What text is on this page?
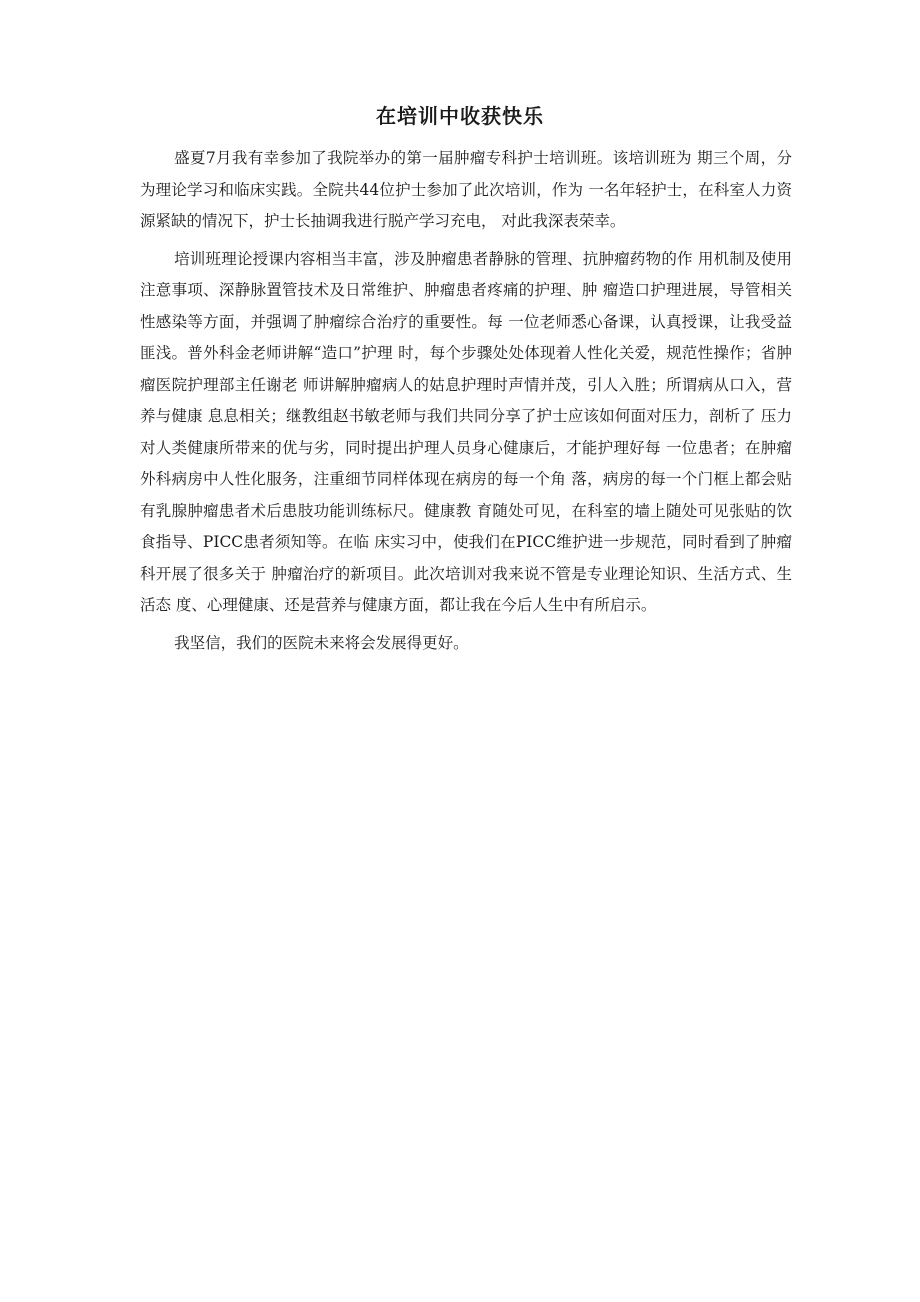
在培训中收获快乐

盛夏7月我有幸参加了我院举办的第一届肿瘤专科护士培训班。该培训班为 期三个周，分为理论学习和临床实践。全院共44位护士参加了此次培训，作为 一名年轻护士，在科室人力资源紧缺的情况下，护士长抽调我进行脱产学习充电， 对此我深表荣幸。

培训班理论授课内容相当丰富，涉及肿瘤患者静脉的管理、抗肿瘤药物的作 用机制及使用注意事项、深静脉置管技术及日常维护、肿瘤患者疼痛的护理、肿 瘤造口护理进展，导管相关性感染等方面，并强调了肿瘤综合治疗的重要性。每 一位老师悉心备课，认真授课，让我受益匪浅。普外科金老师讲解“造口”护理 时，每个步骤处处体现着人性化关爱，规范性操作；省肿瘤医院护理部主任谢老 师讲解肿瘤病人的姑息护理时声情并茂，引人入胜；所谓病从口入，营养与健康 息息相关；继教组赵书敏老师与我们共同分享了护士应该如何面对压力，剖析了 压力对人类健康所带来的优与劣，同时提出护理人员身心健康后，才能护理好每 一位患者；在肿瘤外科病房中人性化服务，注重细节同样体现在病房的每一个角 落，病房的每一个门框上都会贴有乳腺肿瘤患者术后患肢功能训练标尺。健康教 育随处可见，在科室的墙上随处可见张贴的饮食指导、PICC患者须知等。在临 床实习中，使我们在PICC维护进一步规范，同时看到了肿瘤科开展了很多关于 肿瘤治疗的新项目。此次培训对我来说不管是专业理论知识、生活方式、生活态 度、心理健康、还是营养与健康方面，都让我在今后人生中有所启示。

我坚信，我们的医院未来将会发展得更好。
